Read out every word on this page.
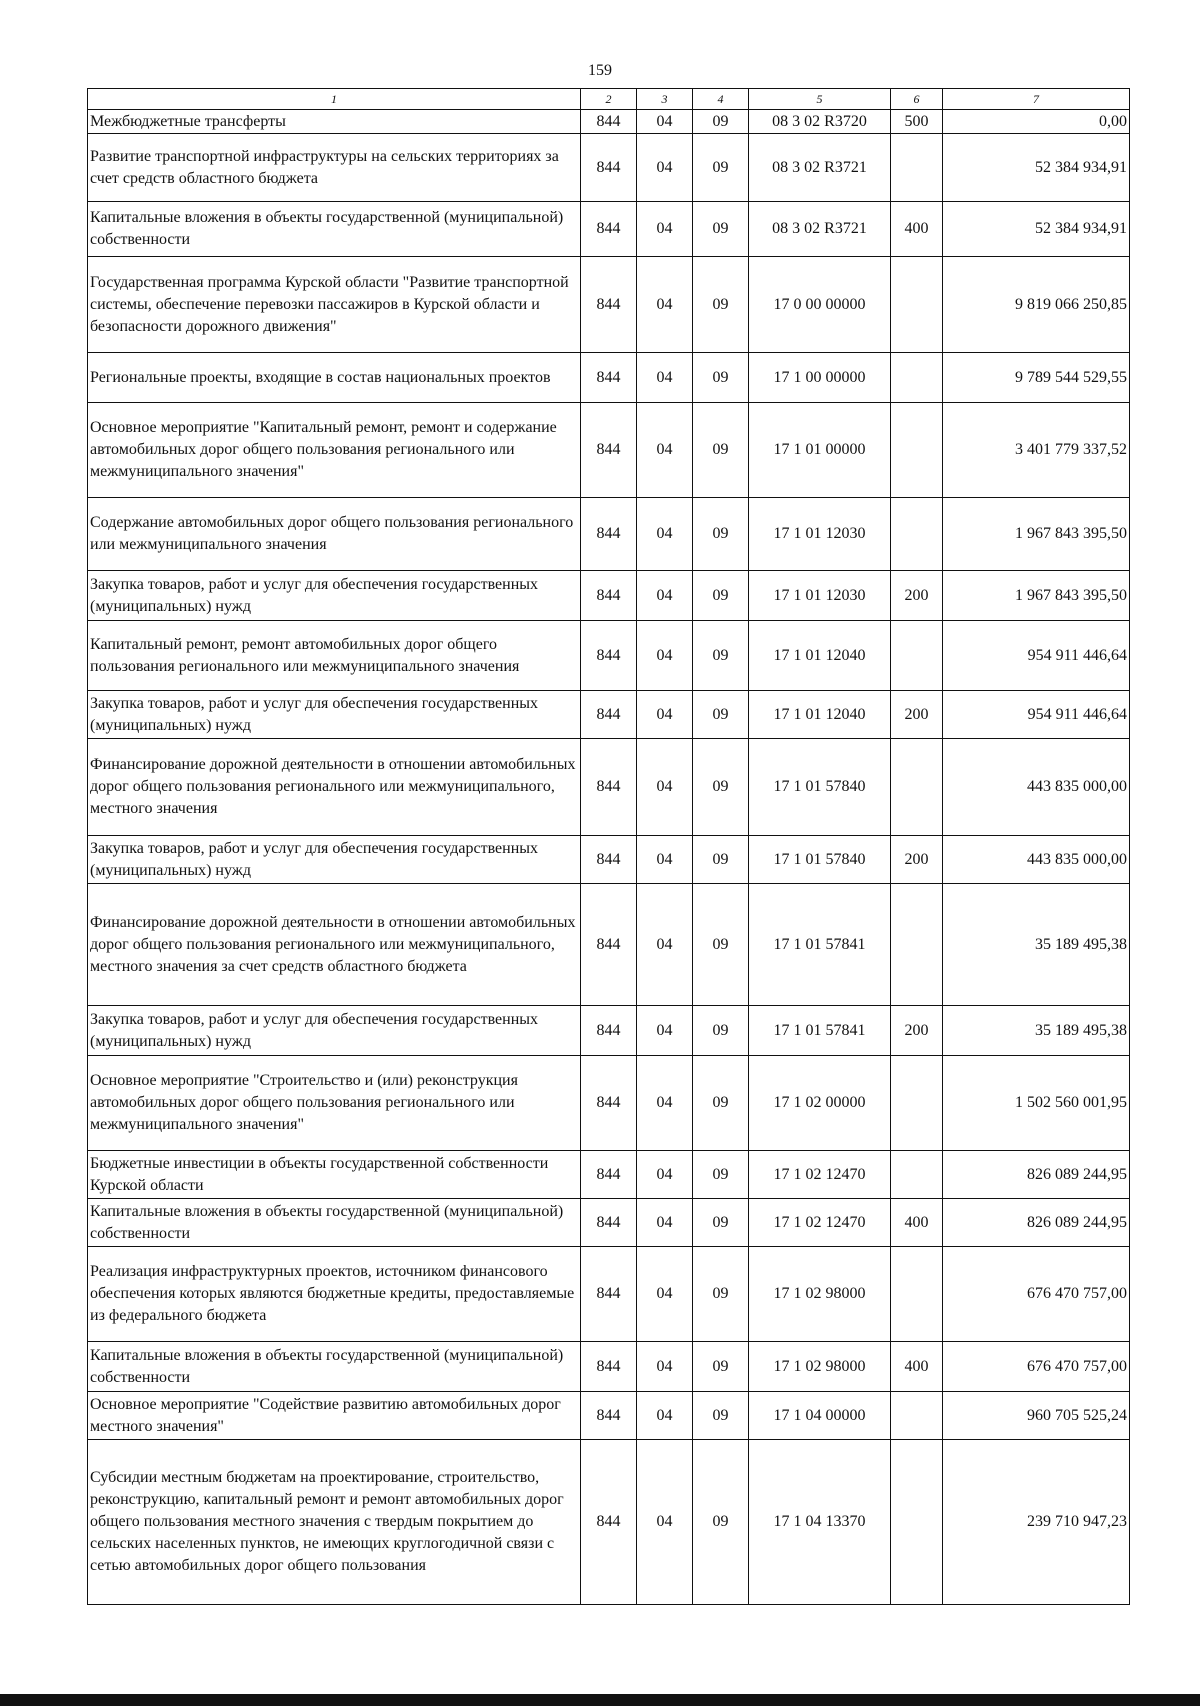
159
1	2	3	4	5	6	7
Межбюджетные трансферты	844	04	09	08 3 02 R3720	500	0,00
Развитие транспортной инфраструктуры на сельских территориях за счет средств областного бюджета	844	04	09	08 3 02 R3721		52 384 934,91
Капитальные вложения в объекты государственной (муниципальной) собственности	844	04	09	08 3 02 R3721	400	52 384 934,91
Государственная программа Курской области "Развитие транспортной системы, обеспечение перевозки пассажиров в Курской области и безопасности дорожного движения"	844	04	09	17 0 00 00000		9 819 066 250,85
Региональные проекты, входящие в состав национальных проектов	844	04	09	17 1 00 00000		9 789 544 529,55
Основное мероприятие "Капитальный ремонт, ремонт и содержание автомобильных дорог общего пользования регионального или межмуниципального значения"	844	04	09	17 1 01 00000		3 401 779 337,52
Содержание автомобильных дорог общего пользования регионального или межмуниципального значения	844	04	09	17 1 01 12030		1 967 843 395,50
Закупка товаров, работ и услуг для обеспечения государственных (муниципальных) нужд	844	04	09	17 1 01 12030	200	1 967 843 395,50
Капитальный ремонт, ремонт автомобильных дорог общего пользования регионального или межмуниципального значения	844	04	09	17 1 01 12040		954 911 446,64
Закупка товаров, работ и услуг для обеспечения государственных (муниципальных) нужд	844	04	09	17 1 01 12040	200	954 911 446,64
Финансирование дорожной деятельности в отношении автомобильных дорог общего пользования регионального или межмуниципального, местного значения	844	04	09	17 1 01 57840		443 835 000,00
Закупка товаров, работ и услуг для обеспечения государственных (муниципальных) нужд	844	04	09	17 1 01 57840	200	443 835 000,00
Финансирование дорожной деятельности в отношении автомобильных дорог общего пользования регионального или межмуниципального, местного значения за счет средств областного бюджета	844	04	09	17 1 01 57841		35 189 495,38
Закупка товаров, работ и услуг для обеспечения государственных (муниципальных) нужд	844	04	09	17 1 01 57841	200	35 189 495,38
Основное мероприятие "Строительство и (или) реконструкция автомобильных дорог общего пользования регионального или межмуниципального значения"	844	04	09	17 1 02 00000		1 502 560 001,95
Бюджетные инвестиции в объекты государственной собственности Курской области	844	04	09	17 1 02 12470		826 089 244,95
Капитальные вложения в объекты государственной (муниципальной) собственности	844	04	09	17 1 02 12470	400	826 089 244,95
Реализация инфраструктурных проектов, источником финансового обеспечения которых являются бюджетные кредиты, предоставляемые из федерального бюджета	844	04	09	17 1 02 98000		676 470 757,00
Капитальные вложения в объекты государственной (муниципальной) собственности	844	04	09	17 1 02 98000	400	676 470 757,00
Основное мероприятие "Содействие развитию автомобильных дорог местного значения"	844	04	09	17 1 04 00000		960 705 525,24
Субсидии местным бюджетам на проектирование, строительство, реконструкцию, капитальный ремонт и ремонт автомобильных дорог общего пользования местного значения с твердым покрытием до сельских населенных пунктов, не имеющих круглогодичной связи с сетью автомобильных дорог общего пользования	844	04	09	17 1 04 13370		239 710 947,23
